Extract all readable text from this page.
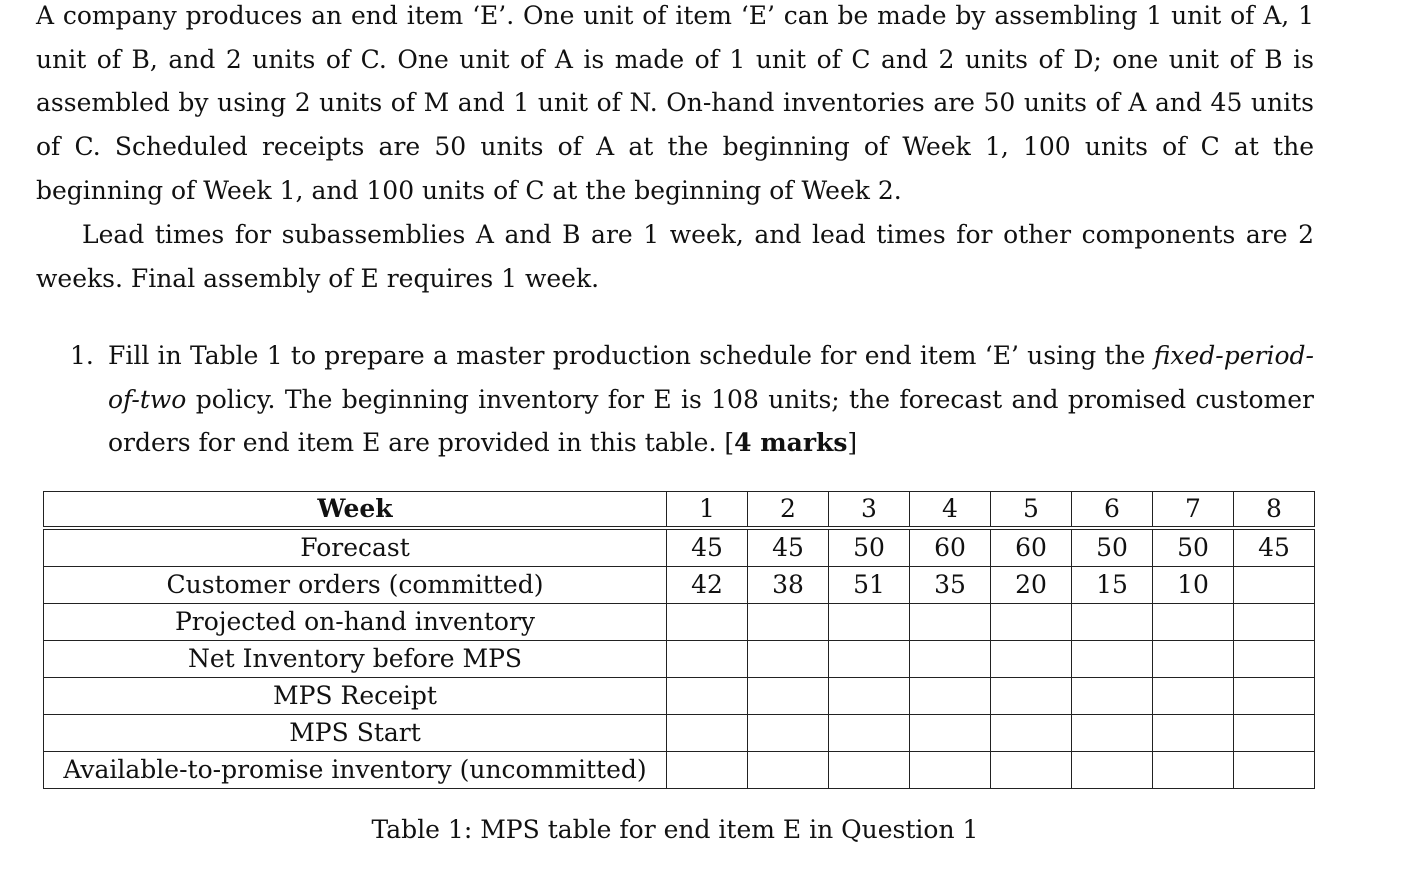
A company produces an end item ‘E’. One unit of item ‘E’ can be made by assembling 1 unit of A, 1 unit of B, and 2 units of C. One unit of A is made of 1 unit of C and 2 units of D; one unit of B is assembled by using 2 units of M and 1 unit of N. On-hand inventories are 50 units of A and 45 units of C. Scheduled receipts are 50 units of A at the beginning of Week 1, 100 units of C at the beginning of Week 1, and 100 units of C at the beginning of Week 2.

Lead times for subassemblies A and B are 1 week, and lead times for other components are 2 weeks. Final assembly of E requires 1 week.

1. Fill in Table 1 to prepare a master production schedule for end item ‘E’ using the fixed-period-of-two policy. The beginning inventory for E is 108 units; the forecast and promised customer orders for end item E are provided in this table. [4 marks]
Week	1	2	3	4	5	6	7	8
Forecast	45	45	50	60	60	50	50	45
Customer orders (committed)	42	38	51	35	20	15	10	
Projected on-hand inventory								
Net Inventory before MPS								
MPS Receipt								
MPS Start								
Available-to-promise inventory (uncommitted)								
Table 1: MPS table for end item E in Question 1
